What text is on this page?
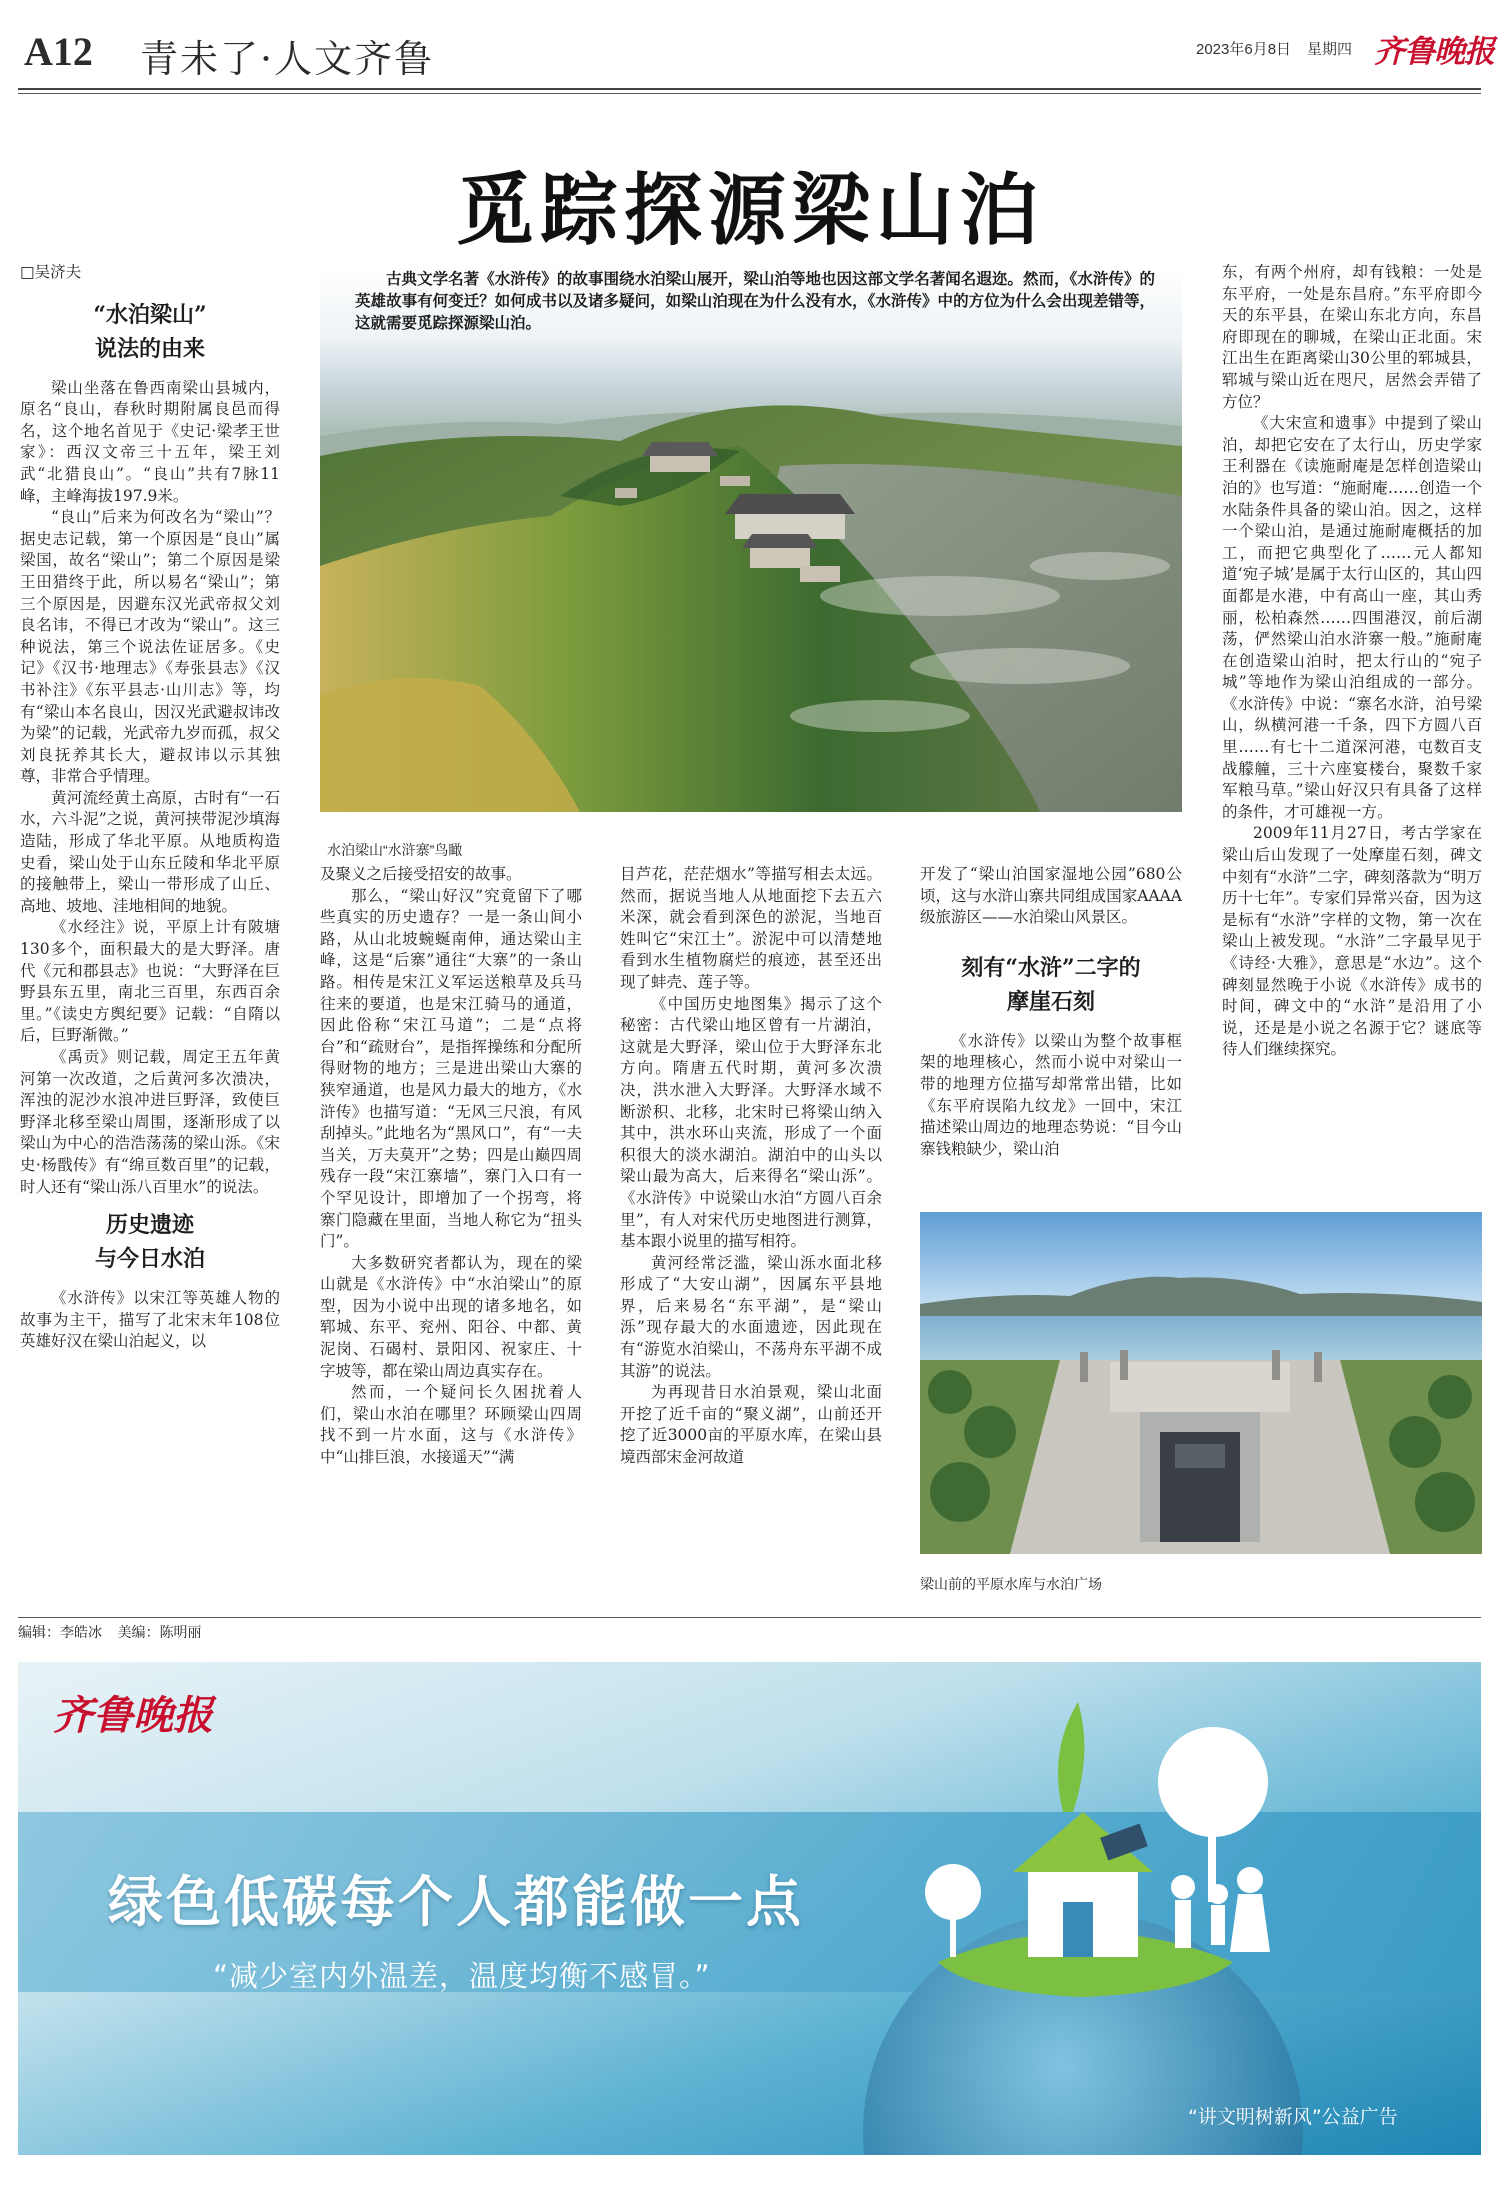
A12 青未了·人文齐鲁	2023年6月8日 星期四 齐鲁晚报
觅踪探源梁山泊

□吴济夫

“水泊梁山”
说法的由来

梁山坐落在鲁西南梁山县城内，原名“良山，春秋时期附属良邑而得名，这个地名首见于《史记·梁孝王世家》：西汉文帝三十五年，梁王刘武“北猎良山”。“良山”共有7脉11峰，主峰海拔197.9米。

“良山”后来为何改名为“梁山”？据史志记载，第一个原因是“良山”属梁国，故名“梁山”；第二个原因是梁王田猎终于此，所以易名“梁山”；第三个原因是，因避东汉光武帝叔父刘良名讳，不得已才改为“梁山”。这三种说法，第三个说法佐证居多。《史记》《汉书·地理志》《寿张县志》《汉书补注》《东平县志·山川志》等，均有“梁山本名良山，因汉光武避叔讳改为梁”的记载，光武帝九岁而孤，叔父刘良抚养其长大，避叔讳以示其独尊，非常合乎情理。

黄河流经黄土高原，古时有“一石水，六斗泥”之说，黄河挟带泥沙填海造陆，形成了华北平原。从地质构造史看，梁山处于山东丘陵和华北平原的接触带上，梁山一带形成了山丘、高地、坡地、洼地相间的地貌。

《水经注》说，平原上计有陂塘130多个，面积最大的是大野泽。唐代《元和郡县志》也说：“大野泽在巨野县东五里，南北三百里，东西百余里。”《读史方舆纪要》记载：“自隋以后，巨野渐微。”

《禹贡》则记载，周定王五年黄河第一次改道，之后黄河多次溃决，浑浊的泥沙水浪冲进巨野泽，致使巨野泽北移至梁山周围，逐渐形成了以梁山为中心的浩浩荡荡的梁山泺。《宋史·杨戬传》有“绵亘数百里”的记载，时人还有“梁山泺八百里水”的说法。

历史遗迹
与今日水泊

《水浒传》以宋江等英雄人物的故事为主干，描写了北宋末年108位英雄好汉在梁山泊起义，以

古典文学名著《水浒传》的故事围绕水泊梁山展开，梁山泊等地也因这部文学名著闻名遐迩。然而，《水浒传》的英雄故事有何变迁？如何成书以及诸多疑问，如梁山泊现在为什么没有水，《水浒传》中的方位为什么会出现差错等，这就需要觅踪探源梁山泊。
水泊梁山“水浒寨”鸟瞰

及聚义之后接受招安的故事。

那么，“梁山好汉”究竟留下了哪些真实的历史遗存？一是一条山间小路，从山北坡蜿蜒南伸，通达梁山主峰，这是“后寨”通往“大寨”的一条山路。相传是宋江义军运送粮草及兵马往来的要道，也是宋江骑马的通道，因此俗称“宋江马道”；二是“点将台”和“疏财台”，是指挥操练和分配所得财物的地方；三是进出梁山大寨的狭窄通道，也是风力最大的地方，《水浒传》也描写道：“无风三尺浪，有风刮掉头。”此地名为“黑风口”，有“一夫当关，万夫莫开”之势；四是山巅四周残存一段“宋江寨墙”，寨门入口有一个罕见设计，即增加了一个拐弯，将寨门隐藏在里面，当地人称它为“扭头门”。

大多数研究者都认为，现在的梁山就是《水浒传》中“水泊梁山”的原型，因为小说中出现的诸多地名，如郓城、东平、兖州、阳谷、中都、黄泥岗、石碣村、景阳冈、祝家庄、十字坡等，都在梁山周边真实存在。

然而，一个疑问长久困扰着人们，梁山水泊在哪里？环顾梁山四周找不到一片水面，这与《水浒传》中“山排巨浪，水接遥天”“满

目芦花，茫茫烟水”等描写相去太远。然而，据说当地人从地面挖下去五六米深，就会看到深色的淤泥，当地百姓叫它“宋江土”。淤泥中可以清楚地看到水生植物腐烂的痕迹，甚至还出现了蚌壳、莲子等。

《中国历史地图集》揭示了这个秘密：古代梁山地区曾有一片湖泊，这就是大野泽，梁山位于大野泽东北方向。隋唐五代时期，黄河多次溃决，洪水泄入大野泽。大野泽水域不断淤积、北移，北宋时已将梁山纳入其中，洪水环山夹流，形成了一个面积很大的淡水湖泊。湖泊中的山头以梁山最为高大，后来得名“梁山泺”。《水浒传》中说梁山水泊“方圆八百余里”，有人对宋代历史地图进行测算，基本跟小说里的描写相符。

黄河经常泛滥，梁山泺水面北移形成了“大安山湖”，因属东平县地界，后来易名“东平湖”，是“梁山泺”现存最大的水面遗迹，因此现在有“游览水泊梁山，不荡舟东平湖不成其游”的说法。

为再现昔日水泊景观，梁山北面开挖了近千亩的“聚义湖”，山前还开挖了近3000亩的平原水库，在梁山县境西部宋金河故道

开发了“梁山泊国家湿地公园”680公顷，这与水浒山寨共同组成国家AAAA级旅游区——水泊梁山风景区。

刻有“水浒”二字的
摩崖石刻

《水浒传》以梁山为整个故事框架的地理核心，然而小说中对梁山一带的地理方位描写却常常出错，比如《东平府误陷九纹龙》一回中，宋江描述梁山周边的地理态势说：“目今山寨钱粮缺少，梁山泊

东，有两个州府，却有钱粮：一处是东平府，一处是东昌府。”东平府即今天的东平县，在梁山东北方向，东昌府即现在的聊城，在梁山正北面。宋江出生在距离梁山30公里的郓城县，郓城与梁山近在咫尺，居然会弄错了方位？

《大宋宣和遗事》中提到了梁山泊，却把它安在了太行山，历史学家王利器在《读施耐庵是怎样创造梁山泊的》也写道：“施耐庵……创造一个水陆条件具备的梁山泊。因之，这样一个梁山泊，是通过施耐庵概括的加工，而把它典型化了……元人都知道‘宛子城’是属于太行山区的，其山四面都是水港，中有高山一座，其山秀丽，松柏森然……四围港汊，前后湖荡，俨然梁山泊水浒寨一般。”施耐庵在创造梁山泊时，把太行山的“宛子城”等地作为梁山泊组成的一部分。《水浒传》中说：“寨名水浒，泊号梁山，纵横河港一千条，四下方圆八百里……有七十二道深河港，屯数百支战艨艟，三十六座宴楼台，聚数千家军粮马草。”梁山好汉只有具备了这样的条件，才可雄视一方。

2009年11月27日，考古学家在梁山后山发现了一处摩崖石刻，碑文中刻有“水浒”二字，碑刻落款为“明万历十七年”。专家们异常兴奋，因为这是标有“水浒”字样的文物，第一次在梁山上被发现。“水浒”二字最早见于《诗经·大雅》，意思是“水边”。这个碑刻显然晚于小说《水浒传》成书的时间，碑文中的“水浒”是沿用了小说，还是是小说之名源于它？谜底等待人们继续探究。

梁山前的平原水库与水泊广场
编辑：李皓冰 美编：陈明丽
齐鲁晚报
绿色低碳每个人都能做一点
“减少室内外温差，温度均衡不感冒。”
“讲文明树新风”公益广告
